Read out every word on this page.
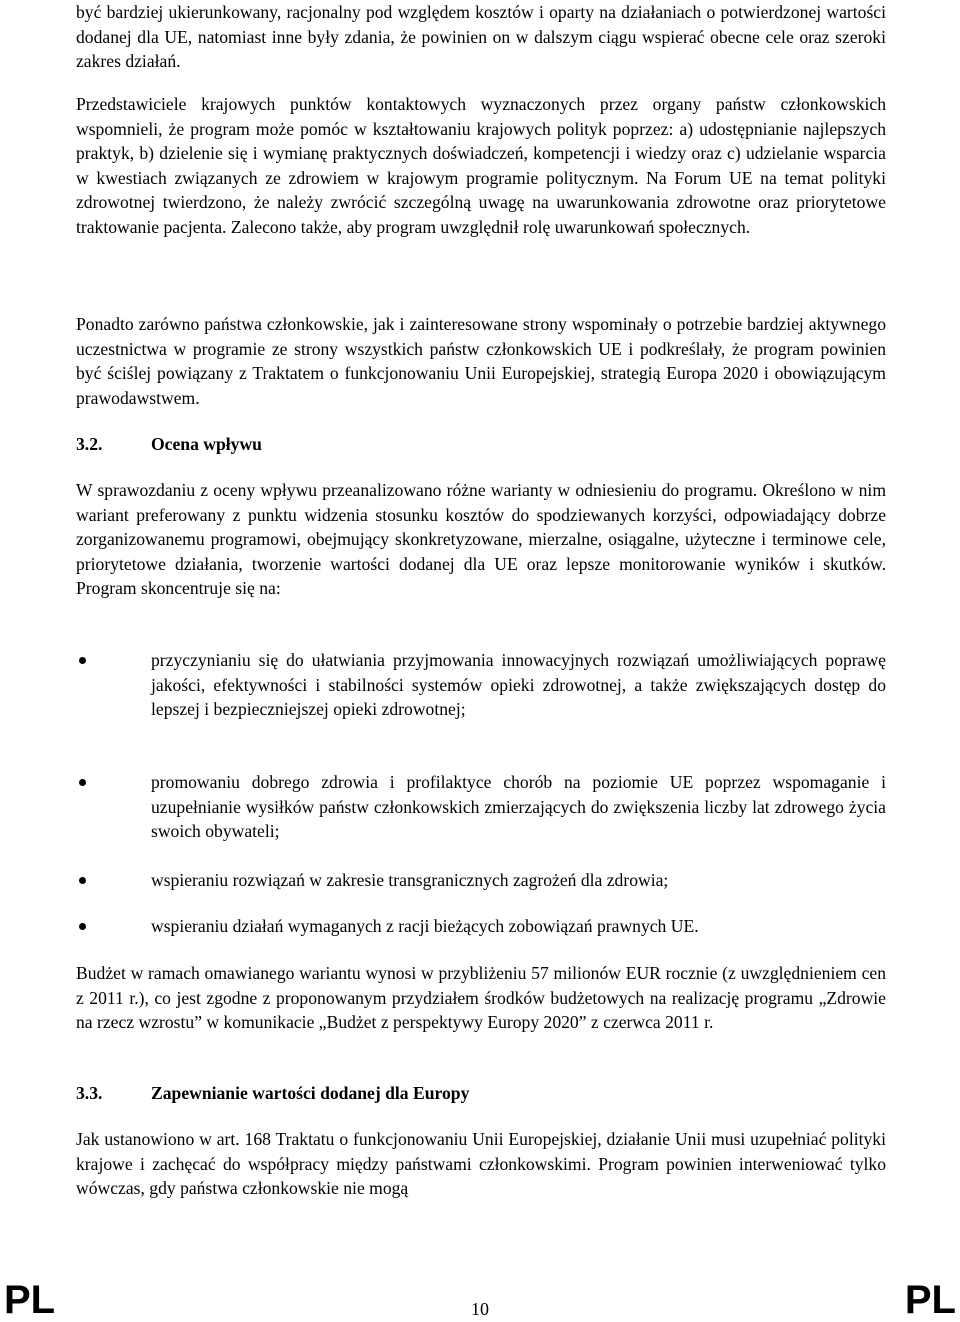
być bardziej ukierunkowany, racjonalny pod względem kosztów i oparty na działaniach o potwierdzonej wartości dodanej dla UE, natomiast inne były zdania, że powinien on w dalszym ciągu wspierać obecne cele oraz szeroki zakres działań.

Przedstawiciele krajowych punktów kontaktowych wyznaczonych przez organy państw członkowskich wspomnieli, że program może pomóc w kształtowaniu krajowych polityk poprzez: a) udostępnianie najlepszych praktyk, b) dzielenie się i wymianę praktycznych doświadczeń, kompetencji i wiedzy oraz c) udzielanie wsparcia w kwestiach związanych ze zdrowiem w krajowym programie politycznym. Na Forum UE na temat polityki zdrowotnej twierdzono, że należy zwrócić szczególną uwagę na uwarunkowania zdrowotne oraz priorytetowe traktowanie pacjenta. Zalecono także, aby program uwzględnił rolę uwarunkowań społecznych.

Ponadto zarówno państwa członkowskie, jak i zainteresowane strony wspominały o potrzebie bardziej aktywnego uczestnictwa w programie ze strony wszystkich państw członkowskich UE i podkreślały, że program powinien być ściślej powiązany z Traktatem o funkcjonowaniu Unii Europejskiej, strategią Europa 2020 i obowiązującym prawodawstwem.

3.2.	Ocena wpływu

W sprawozdaniu z oceny wpływu przeanalizowano różne warianty w odniesieniu do programu. Określono w nim wariant preferowany z punktu widzenia stosunku kosztów do spodziewanych korzyści, odpowiadający dobrze zorganizowanemu programowi, obejmujący skonkretyzowane, mierzalne, osiągalne, użyteczne i terminowe cele, priorytetowe działania, tworzenie wartości dodanej dla UE oraz lepsze monitorowanie wyników i skutków. Program skoncentruje się na:

przyczynianiu się do ułatwiania przyjmowania innowacyjnych rozwiązań umożliwiających poprawę jakości, efektywności i stabilności systemów opieki zdrowotnej, a także zwiększających dostęp do lepszej i bezpieczniejszej opieki zdrowotnej;
promowaniu dobrego zdrowia i profilaktyce chorób na poziomie UE poprzez wspomaganie i uzupełnianie wysiłków państw członkowskich zmierzających do zwiększenia liczby lat zdrowego życia swoich obywateli;
wspieraniu rozwiązań w zakresie transgranicznych zagrożeń dla zdrowia;
wspieraniu działań wymaganych z racji bieżących zobowiązań prawnych UE.

Budżet w ramach omawianego wariantu wynosi w przybliżeniu 57 milionów EUR rocznie (z uwzględnieniem cen z 2011 r.), co jest zgodne z proponowanym przydziałem środków budżetowych na realizację programu „Zdrowie na rzecz wzrostu” w komunikacie „Budżet z perspektywy Europy 2020” z czerwca 2011 r.

3.3.	Zapewnianie wartości dodanej dla Europy

Jak ustanowiono w art. 168 Traktatu o funkcjonowaniu Unii Europejskiej, działanie Unii musi uzupełniać polityki krajowe i zachęcać do współpracy między państwami członkowskimi. Program powinien interweniować tylko wówczas, gdy państwa członkowskie nie mogą

PL	10	PL
